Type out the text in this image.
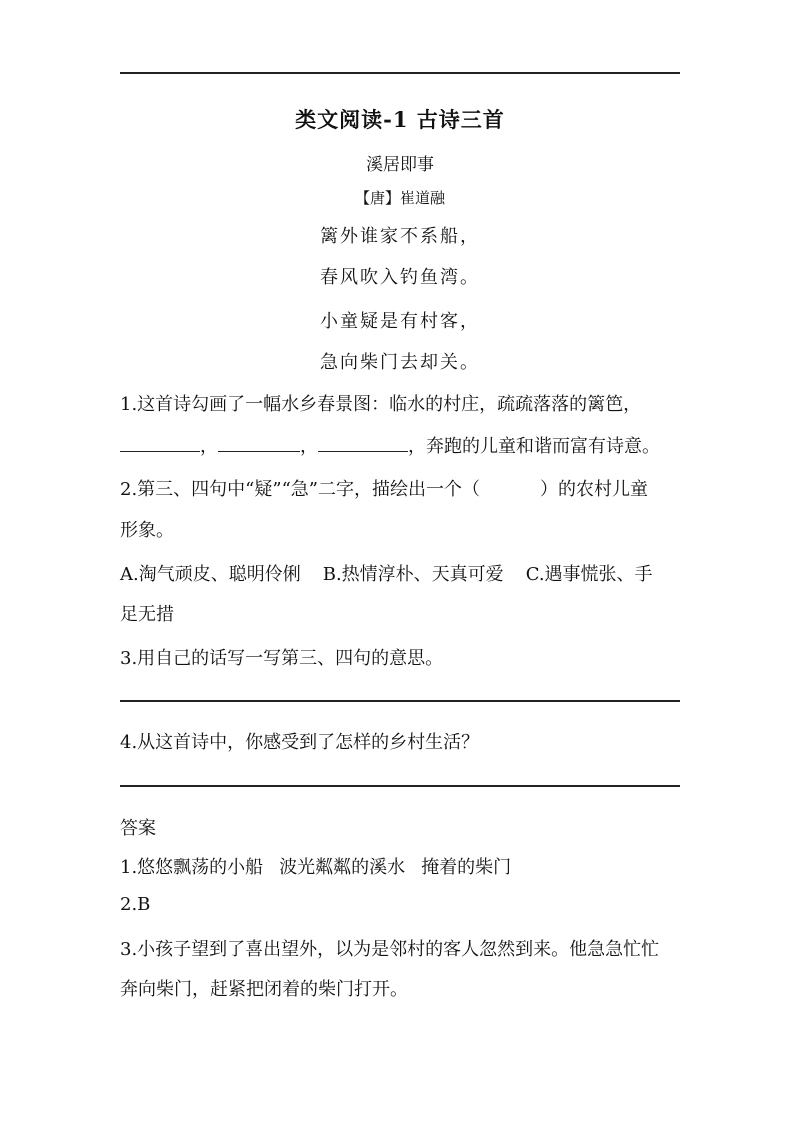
类文阅读-1 古诗三首
溪居即事
【唐】崔道融
篱外谁家不系船，
春风吹入钓鱼湾。
小童疑是有村客，
急向柴门去却关。
1.这首诗勾画了一幅水乡春景图：临水的村庄，疏疏落落的篱笆，
，	，	，奔跑的儿童和谐而富有诗意。
2.第三、四句中“疑”“急”二字，描绘出一个（	）的农村儿童
形象。
A.淘气顽皮、聪明伶俐 B.热情淳朴、天真可爱 C.遇事慌张、手
足无措
3.用自己的话写一写第三、四句的意思。
4.从这首诗中，你感受到了怎样的乡村生活？
答案
1.悠悠飘荡的小船 波光粼粼的溪水 掩着的柴门
2.B
3.小孩子望到了喜出望外，以为是邻村的客人忽然到来。他急急忙忙
奔向柴门，赶紧把闭着的柴门打开。
